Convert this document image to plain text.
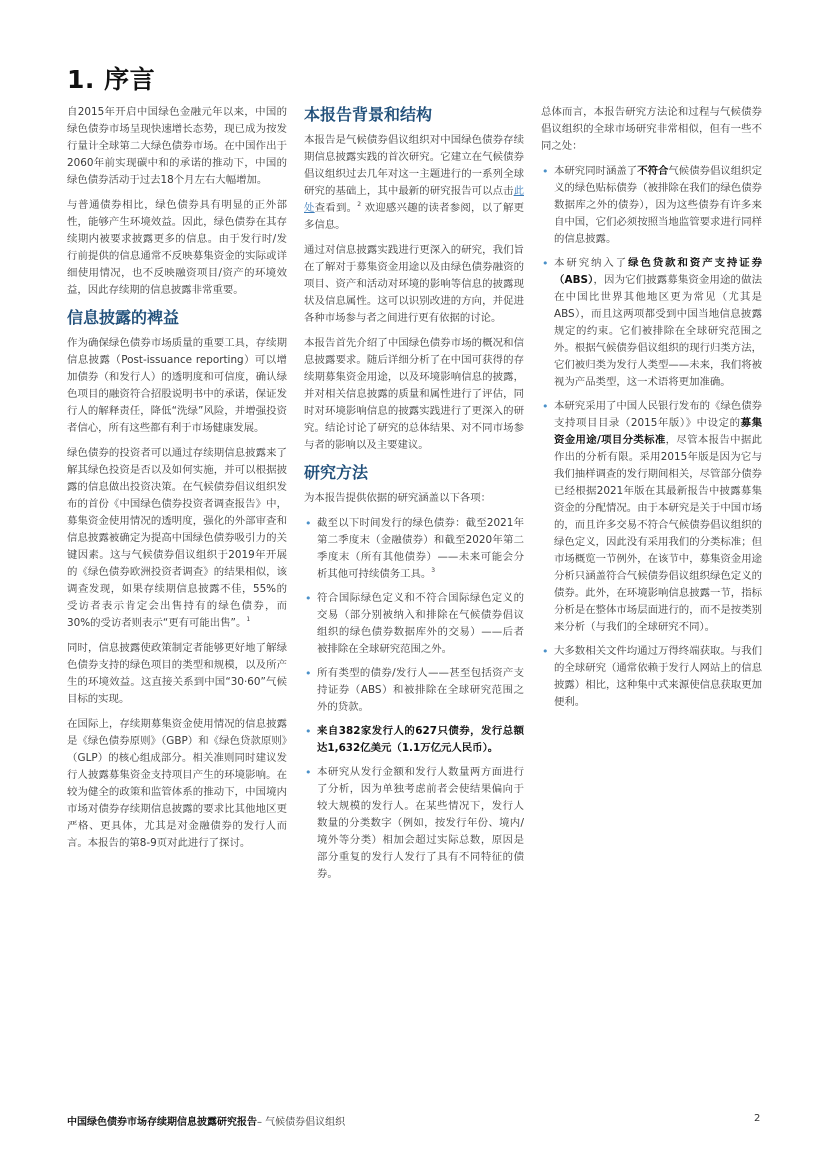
1. 序言

自2015年开启中国绿色金融元年以来，中国的绿色债券市场呈现快速增长态势，现已成为按发行量计全球第二大绿色债券市场。在中国作出于2060年前实现碳中和的承诺的推动下，中国的绿色债券活动于过去18个月左右大幅增加。

与普通债券相比，绿色债券具有明显的正外部性，能够产生环境效益。因此，绿色债券在其存续期内被要求披露更多的信息。由于发行时/发行前提供的信息通常不反映募集资金的实际或详细使用情况，也不反映融资项目/资产的环境效益，因此存续期的信息披露非常重要。

信息披露的裨益

作为确保绿色债券市场质量的重要工具，存续期信息披露（Post-issuance reporting）可以增加债券（和发行人）的透明度和可信度，确认绿色项目的融资符合招股说明书中的承诺，保证发行人的解释责任，降低“洗绿”风险，并增强投资者信心，所有这些都有利于市场健康发展。

绿色债券的投资者可以通过存续期信息披露来了解其绿色投资是否以及如何实施，并可以根据披露的信息做出投资决策。在气候债券倡议组织发布的首份《中国绿色债券投资者调查报告》中，募集资金使用情况的透明度，强化的外部审查和信息披露被确定为提高中国绿色债券吸引力的关键因素。这与气候债券倡议组织于2019年开展的《绿色债券欧洲投资者调查》的结果相似，该调查发现，如果存续期信息披露不佳，55%的受访者表示肯定会出售持有的绿色债券，而30%的受访者则表示“更有可能出售”。$^1$

同时，信息披露使政策制定者能够更好地了解绿色债券支持的绿色项目的类型和规模，以及所产生的环境效益。这直接关系到中国“30·60”气候目标的实现。

在国际上，存续期募集资金使用情况的信息披露是《绿色债券原则》（GBP）和《绿色贷款原则》（GLP）的核心组成部分。相关准则同时建议发行人披露募集资金支持项目产生的环境影响。在较为健全的政策和监管体系的推动下，中国境内市场对债券存续期信息披露的要求比其他地区更严格、更具体，尤其是对金融债券的发行人而言。本报告的第8-9页对此进行了探讨。

本报告背景和结构

本报告是气候债券倡议组织对中国绿色债券存续期信息披露实践的首次研究。它建立在气候债券倡议组织过去几年对这一主题进行的一系列全球研究的基础上，其中最新的研究报告可以点击此处查看到。$^2$ 欢迎感兴趣的读者参阅，以了解更多信息。

通过对信息披露实践进行更深入的研究，我们旨在了解对于募集资金用途以及由绿色债券融资的项目、资产和活动对环境的影响等信息的披露现状及信息属性。这可以识别改进的方向，并促进各种市场参与者之间进行更有依据的讨论。

本报告首先介绍了中国绿色债券市场的概况和信息披露要求。随后详细分析了在中国可获得的存续期募集资金用途，以及环境影响信息的披露，并对相关信息披露的质量和属性进行了评估，同时对环境影响信息的披露实践进行了更深入的研究。结论讨论了研究的总体结果、对不同市场参与者的影响以及主要建议。

研究方法

为本报告提供依据的研究涵盖以下各项：

• 截至以下时间发行的绿色债券：截至2021年第二季度末（金融债券）和截至2020年第二季度末（所有其他债券）——未来可能会分析其他可持续债务工具。$^3$
• 符合国际绿色定义和不符合国际绿色定义的交易（部分别被纳入和排除在气候债券倡议组织的绿色债券数据库外的交易）——后者被排除在全球研究范围之外。
• 所有类型的债券/发行人——甚至包括资产支持证券（ABS）和被排除在全球研究范围之外的贷款。
• 来自382家发行人的627只债券，发行总额达1,632亿美元（1.1万亿元人民币）。
• 本研究从发行金额和发行人数量两方面进行了分析，因为单独考虑前者会使结果偏向于较大规模的发行人。在某些情况下，发行人数量的分类数字（例如，按发行年份、境内/境外等分类）相加会超过实际总数，原因是部分重复的发行人发行了具有不同特征的债券。

总体而言，本报告研究方法论和过程与气候债券倡议组织的全球市场研究非常相似，但有一些不同之处：

• 本研究同时涵盖了不符合气候债券倡议组织定义的绿色贴标债券（被排除在我们的绿色债券数据库之外的债券），因为这些债券有许多来自中国，它们必须按照当地监管要求进行同样的信息披露。
• 本研究纳入了绿色贷款和资产支持证券（ABS），因为它们披露募集资金用途的做法在中国比世界其他地区更为常见（尤其是ABS），而且这两项都受到中国当地信息披露规定的约束。它们被排除在全球研究范围之外。根据气候债券倡议组织的现行归类方法，它们被归类为发行人类型——未来，我们将被视为产品类型，这一术语将更加准确。
• 本研究采用了中国人民银行发布的《绿色债券支持项目目录（2015年版）》中设定的募集资金用途/项目分类标准，尽管本报告中据此作出的分析有限。采用2015年版是因为它与我们抽样调查的发行期间相关，尽管部分债券已经根据2021年版在其最新报告中披露募集资金的分配情况。由于本研究是关于中国市场的，而且许多交易不符合气候债券倡议组织的绿色定义，因此没有采用我们的分类标准；但市场概览一节例外，在该节中，募集资金用途分析只涵盖符合气候债券倡议组织绿色定义的债券。此外，在环境影响信息披露一节，指标分析是在整体市场层面进行的，而不是按类别来分析（与我们的全球研究不同）。
• 大多数相关文件均通过万得终端获取。与我们的全球研究（通常依赖于发行人网站上的信息披露）相比，这种集中式来源使信息获取更加便利。
中国绿色债券市场存续期信息披露研究报告– 气候债券倡议组织	2
